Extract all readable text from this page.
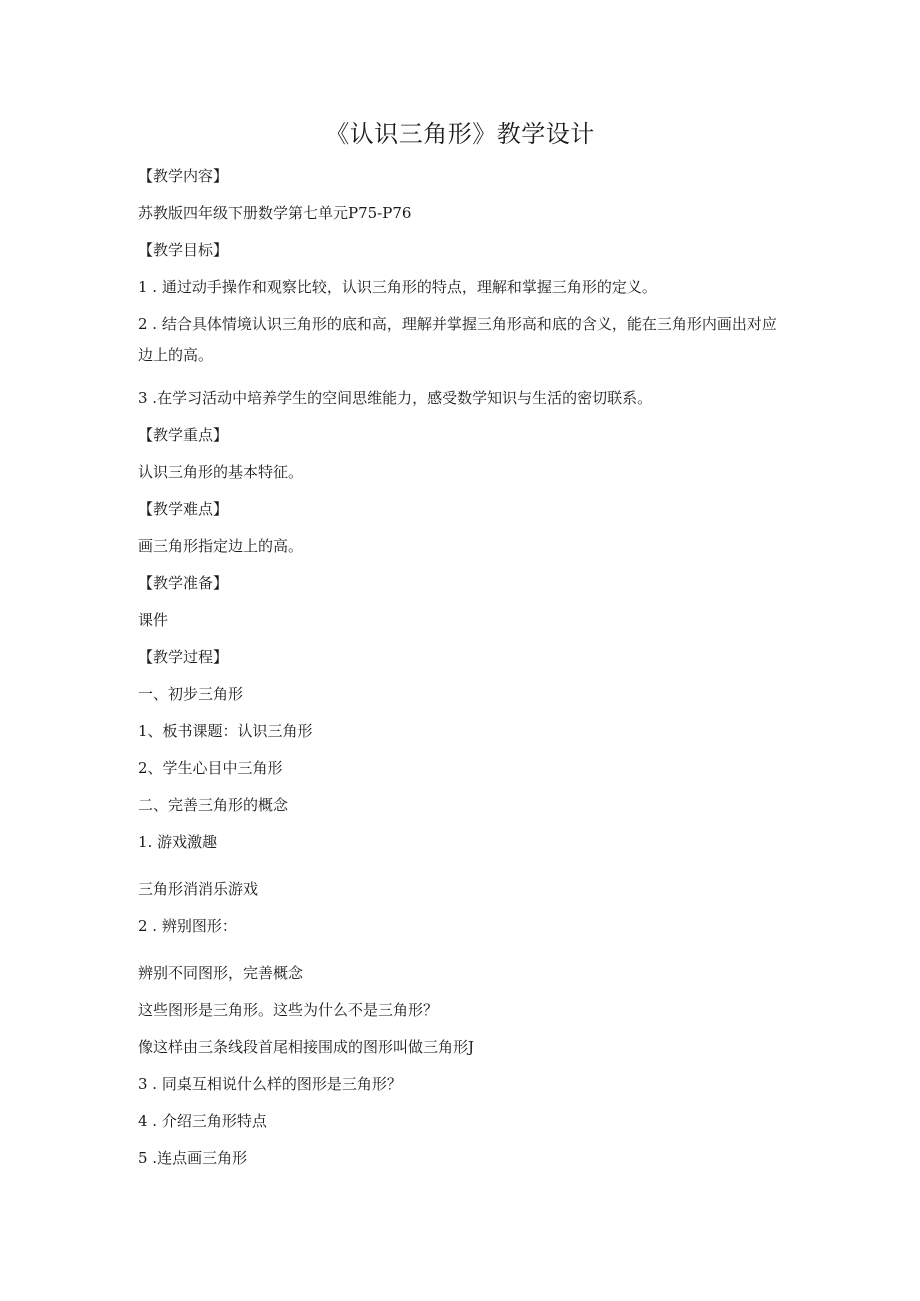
《认识三角形》教学设计
【教学内容】
苏教版四年级下册数学第七单元P75-P76
【教学目标】
1 . 通过动手操作和观察比较，认识三角形的特点，理解和掌握三角形的定义。
2 . 结合具体情境认识三角形的底和高，理解并掌握三角形高和底的含义，能在三角形内画出对应边上的高。
3 .在学习活动中培养学生的空间思维能力，感受数学知识与生活的密切联系。
【教学重点】
认识三角形的基本特征。
【教学难点】
画三角形指定边上的高。
【教学准备】
课件
【教学过程】
一、初步三角形
1、板书课题：认识三角形
2、学生心目中三角形
二、完善三角形的概念
1. 游戏激趣
三角形消消乐游戏
2 . 辨别图形：
辨别不同图形，完善概念
这些图形是三角形。这些为什么不是三角形？
像这样由三条线段首尾相接围成的图形叫做三角形J
3 . 同桌互相说什么样的图形是三角形？
4 . 介绍三角形特点
5 .连点画三角形
